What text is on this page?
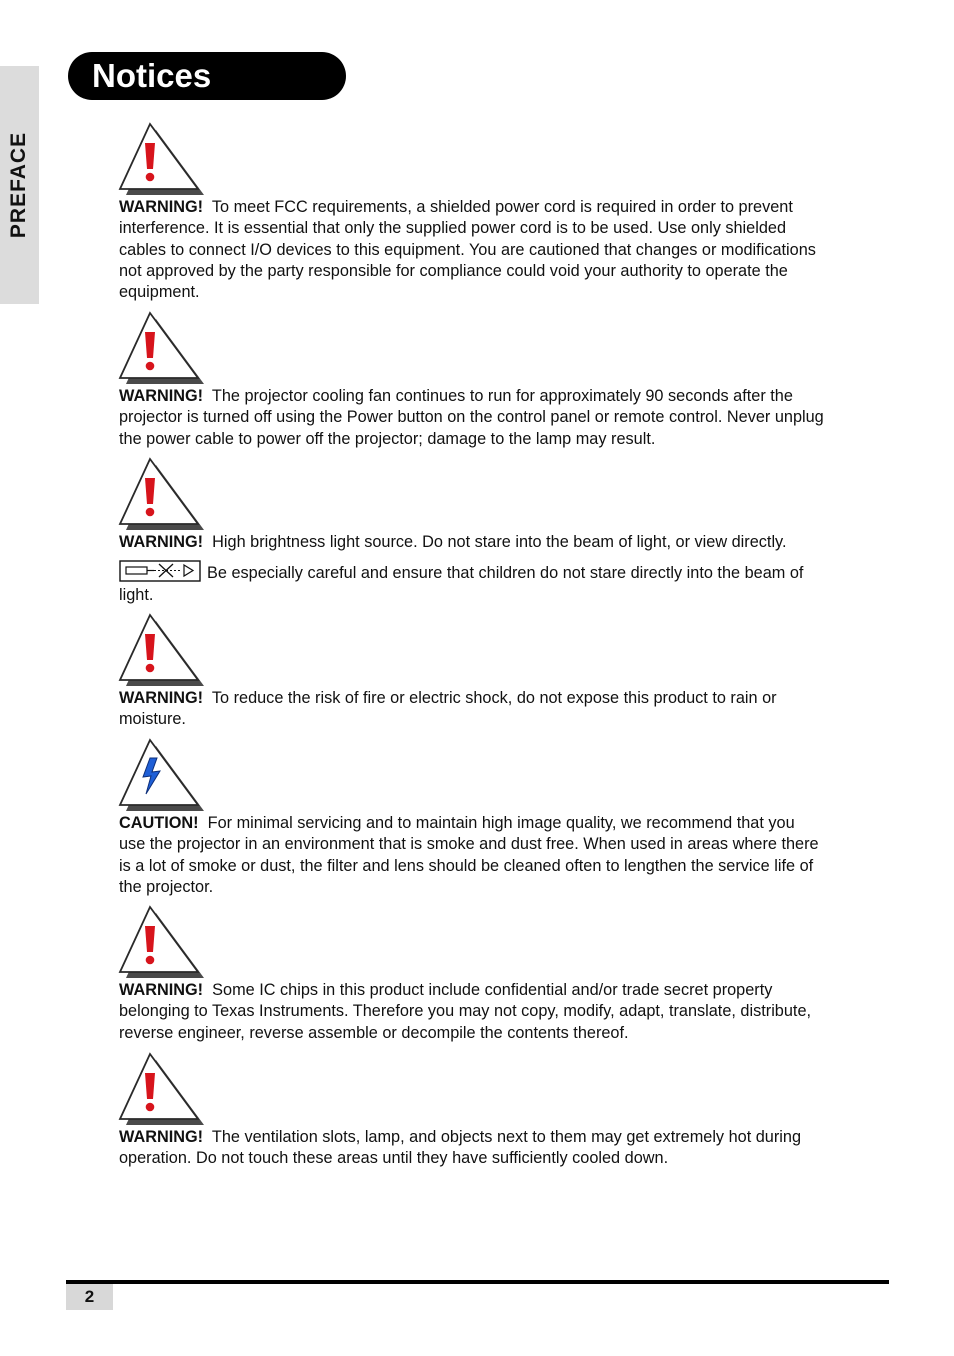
PREFACE
Notices

WARNING! To meet FCC requirements, a shielded power cord is required in order to prevent interference. It is essential that only the supplied power cord is to be used. Use only shielded cables to connect I/O devices to this equipment. You are cautioned that changes or modifications not approved by the party responsible for compliance could void your authority to operate the equipment.

WARNING! The projector cooling fan continues to run for approximately 90 seconds after the projector is turned off using the Power button on the control panel or remote control. Never unplug the power cable to power off the projector; damage to the lamp may result.

WARNING! High brightness light source. Do not stare into the beam of light, or view directly.

Be especially careful and ensure that children do not stare directly into the beam of light.

WARNING! To reduce the risk of fire or electric shock, do not expose this product to rain or moisture.

CAUTION! For minimal servicing and to maintain high image quality, we recommend that you use the projector in an environment that is smoke and dust free. When used in areas where there is a lot of smoke or dust, the filter and lens should be cleaned often to lengthen the service life of the projector.

WARNING! Some IC chips in this product include confidential and/or trade secret property belonging to Texas Instruments. Therefore you may not copy, modify, adapt, translate, distribute, reverse engineer, reverse assemble or decompile the contents thereof.

WARNING! The ventilation slots, lamp, and objects next to them may get extremely hot during operation. Do not touch these areas until they have sufficiently cooled down.

2
